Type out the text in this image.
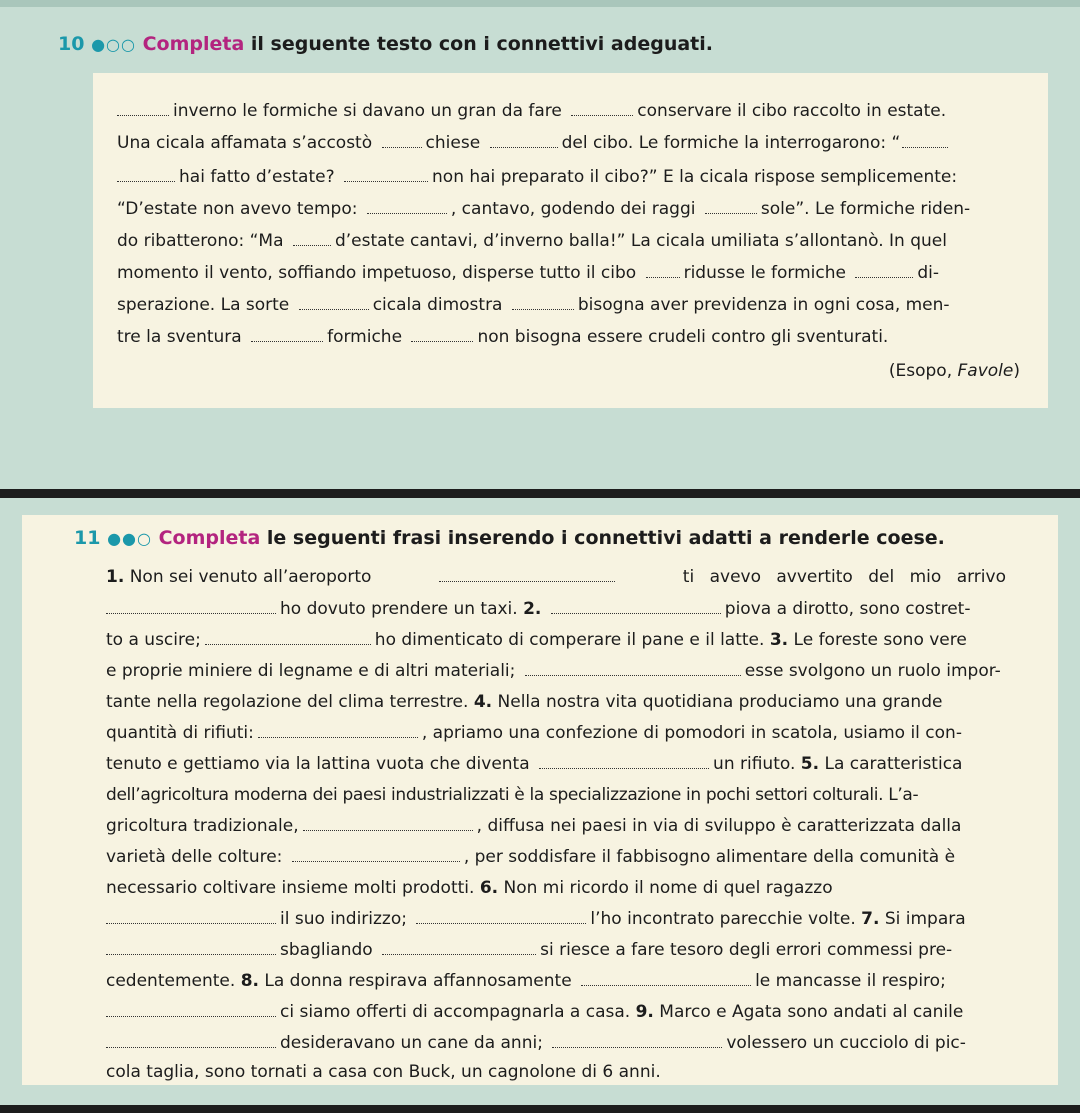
10 ●○○ Completa il seguente testo con i connettivi adeguati.
inverno le formiche si davano un gran da fare	conservare il cibo raccolto in estate.
Una cicala affamata s’accostò	chiese	del cibo. Le formiche la interrogarono: “
hai fatto d’estate?	non hai preparato il cibo?” E la cicala rispose semplicemente:
“D’estate non avevo tempo:	, cantavo, godendo dei raggi	sole”. Le formiche riden-
do ribatterono: “Ma	d’estate cantavi, d’inverno balla!” La cicala umiliata s’allontanò. In quel
momento il vento, soffiando impetuoso, disperse tutto il cibo	ridusse le formiche	di-
sperazione. La sorte	cicala dimostra	bisogna aver previdenza in ogni cosa, men-
tre la sventura	formiche	non bisogna essere crudeli contro gli sventurati.
(Esopo, Favole)
11 ●●○ Completa le seguenti frasi inserendo i connettivi adatti a renderle coese.
1. Non sei venuto all’aeroporto	ti avevo avvertito del mio arrivo
ho dovuto prendere un taxi. 2.	piova a dirotto, sono costret-
to a uscire;	ho dimenticato di comperare il pane e il latte. 3. Le foreste sono vere
e proprie miniere di legname e di altri materiali;	esse svolgono un ruolo impor-
tante nella regolazione del clima terrestre. 4. Nella nostra vita quotidiana produciamo una grande
quantità di rifiuti:	, apriamo una confezione di pomodori in scatola, usiamo il con-
tenuto e gettiamo via la lattina vuota che diventa	un rifiuto. 5. La caratteristica
dell’agricoltura moderna dei paesi industrializzati è la specializzazione in pochi settori colturali. L’a-
gricoltura tradizionale,	, diffusa nei paesi in via di sviluppo è caratterizzata dalla
varietà delle colture:	, per soddisfare il fabbisogno alimentare della comunità è
necessario coltivare insieme molti prodotti. 6. Non mi ricordo il nome di quel ragazzo
il suo indirizzo;	l’ho incontrato parecchie volte. 7. Si impara
sbagliando	si riesce a fare tesoro degli errori commessi pre-
cedentemente. 8. La donna respirava affannosamente	le mancasse il respiro;
ci siamo offerti di accompagnarla a casa. 9. Marco e Agata sono andati al canile
desideravano un cane da anni;	volessero un cucciolo di pic-
cola taglia, sono tornati a casa con Buck, un cagnolone di 6 anni.
